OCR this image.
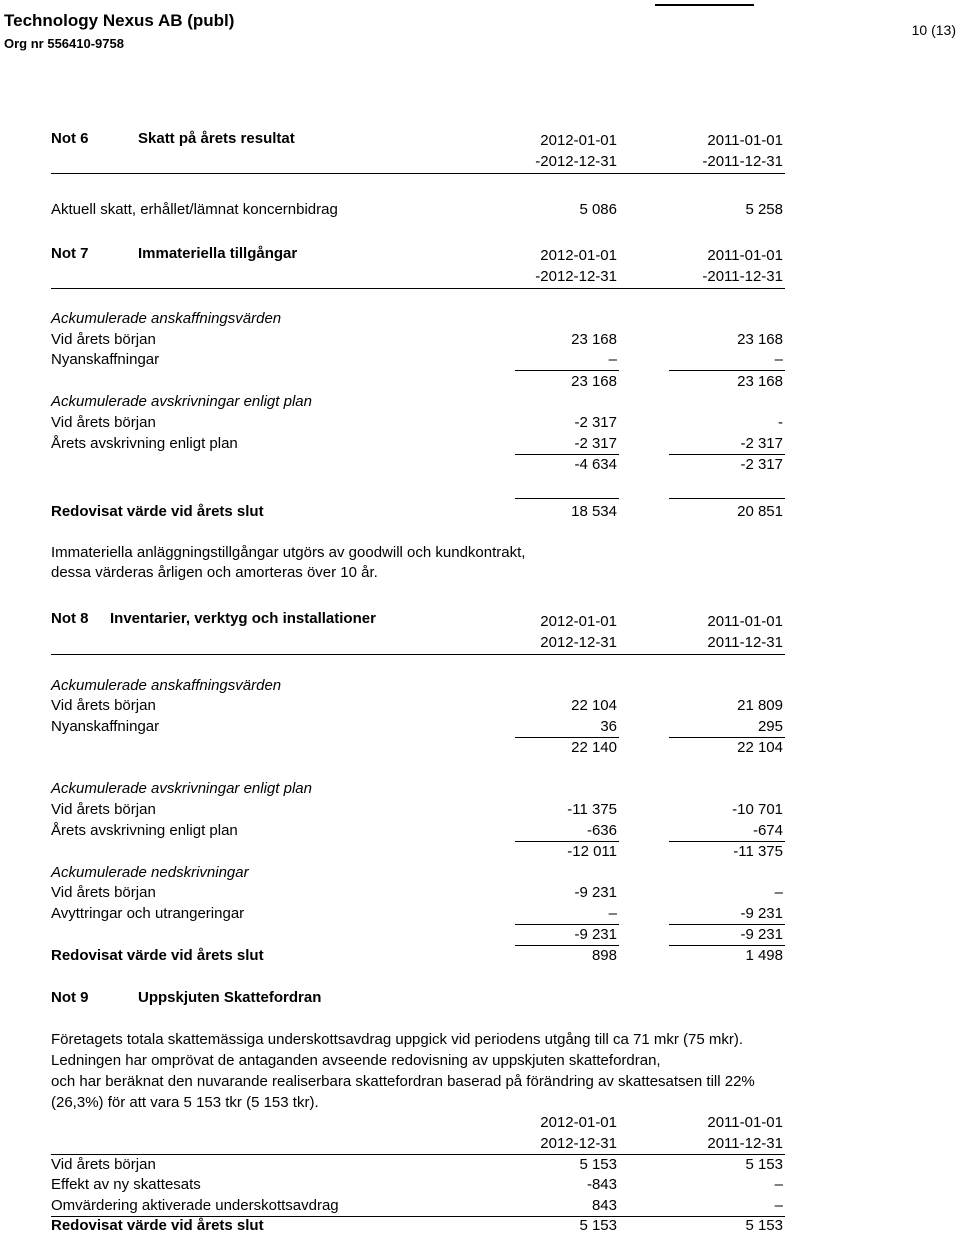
Technology Nexus AB (publ)
Org nr 556410-9758
10 (13)
Not 6	Skatt på årets resultat	2012-01-01	2011-01-01
-2012-12-31	-2011-12-31
Aktuell skatt, erhållet/lämnat koncernbidrag	5 086	5 258
Not 7	Immateriella tillgångar	2012-01-01	2011-01-01
-2012-12-31	-2011-12-31
Ackumulerade anskaffningsvärden
Vid årets början	23 168	23 168
Nyanskaffningar	–	–
23 168	23 168
Ackumulerade avskrivningar enligt plan
Vid årets början	-2 317	-
Årets avskrivning enligt plan	-2 317	-2 317
-4 634	-2 317
Redovisat värde vid årets slut	18 534	20 851
Immateriella anläggningstillgångar utgörs av goodwill och kundkontrakt,
dessa värderas årligen och amorteras över 10 år.
Not 8 Inventarier, verktyg och installationer	2012-01-01	2011-01-01
2012-12-31	2011-12-31
Ackumulerade anskaffningsvärden
Vid årets början	22 104	21 809
Nyanskaffningar	36	295
22 140	22 104
Ackumulerade avskrivningar enligt plan
Vid årets början	-11 375	-10 701
Årets avskrivning enligt plan	-636	-674
-12 011	-11 375
Ackumulerade nedskrivningar
Vid årets början	-9 231	–
Avyttringar och utrangeringar	–	-9 231
-9 231	-9 231
Redovisat värde vid årets slut	898	1 498
Not 9	Uppskjuten Skattefordran
Företagets totala skattemässiga underskottsavdrag uppgick vid periodens utgång till ca 71 mkr (75 mkr).
Ledningen har omprövat de antaganden avseende redovisning av uppskjuten skattefordran,
och har beräknat den nuvarande realiserbara skattefordran baserad på förändring av skattesatsen till 22%
(26,3%) för att vara 5 153 tkr (5 153 tkr).
2012-01-01	2011-01-01
2012-12-31	2011-12-31
Vid årets början	5 153	5 153
Effekt av ny skattesats	-843	–
Omvärdering aktiverade underskottsavdrag	843	–
Redovisat värde vid årets slut	5 153	5 153
